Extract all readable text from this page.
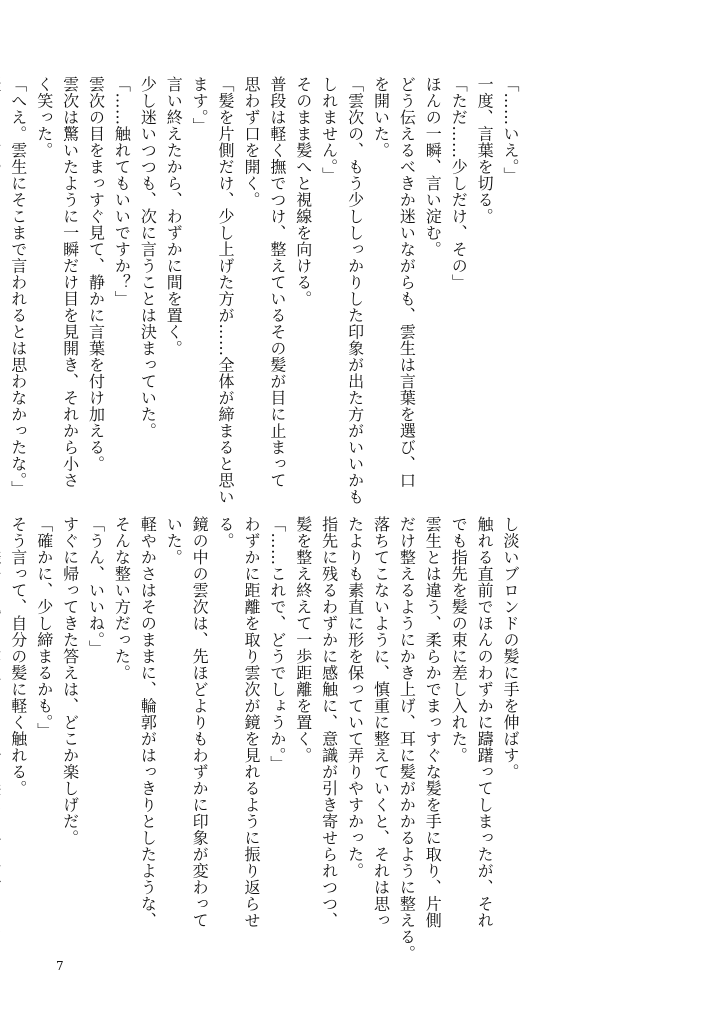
「……いえ。」
一度、言葉を切る。
「ただ……少しだけ、その」
ほんの一瞬、言い淀む。
どう伝えるべきか迷いながらも、雲生は言葉を選び、口
を開いた。
「雲次の、もう少ししっかりした印象が出た方がいいかも
しれません。」
そのまま髪へと視線を向ける。
普段は軽く撫でつけ、整えているその髪が目に止まって
思わず口を開く。
「髪を片側だけ、少し上げた方が……全体が締まると思い
ます。」
言い終えたから、わずかに間を置く。
少し迷いつつも、次に言うことは決まっていた。
「……触れてもいいですか？」
雲次の目をまっすぐ見て、静かに言葉を付け加える。
雲次は驚いたように一瞬だけ目を見開き、それから小さ
く笑った。
「へえ。雲生にそこまで言われるとは思わなかったな。」
し淡いブロンドの髪に手を伸ばす。
触れる直前でほんのわずかに躊躇ってしまったが、それ
でも指先を髪の束に差し入れた。
雲生とは違う、柔らかでまっすぐな髪を手に取り、片側
だけ整えるようにかき上げ、耳に髪がかかるように整える。
落ちてこないように、慎重に整えていくと、それは思っ
たよりも素直に形を保っていて弄りやすかった。
指先に残るわずかに感触に、意識が引き寄せられつつ、
髪を整え終えて一歩距離を置く。
「……これで、どうでしょうか。」
わずかに距離を取り雲次が鏡を見れるように振り返らせ
る。
鏡の中の雲次は、先ほどよりもわずかに印象が変わって
いた。
軽やかさはそのままに、輪郭がはっきりとしたような、
そんな整い方だった。
「うん、いいね。」
すぐに帰ってきた答えは、どこか楽しげだ。
「確かに、少し締まるかも。」
そう言って、自分の髪に軽く触れる。
7
